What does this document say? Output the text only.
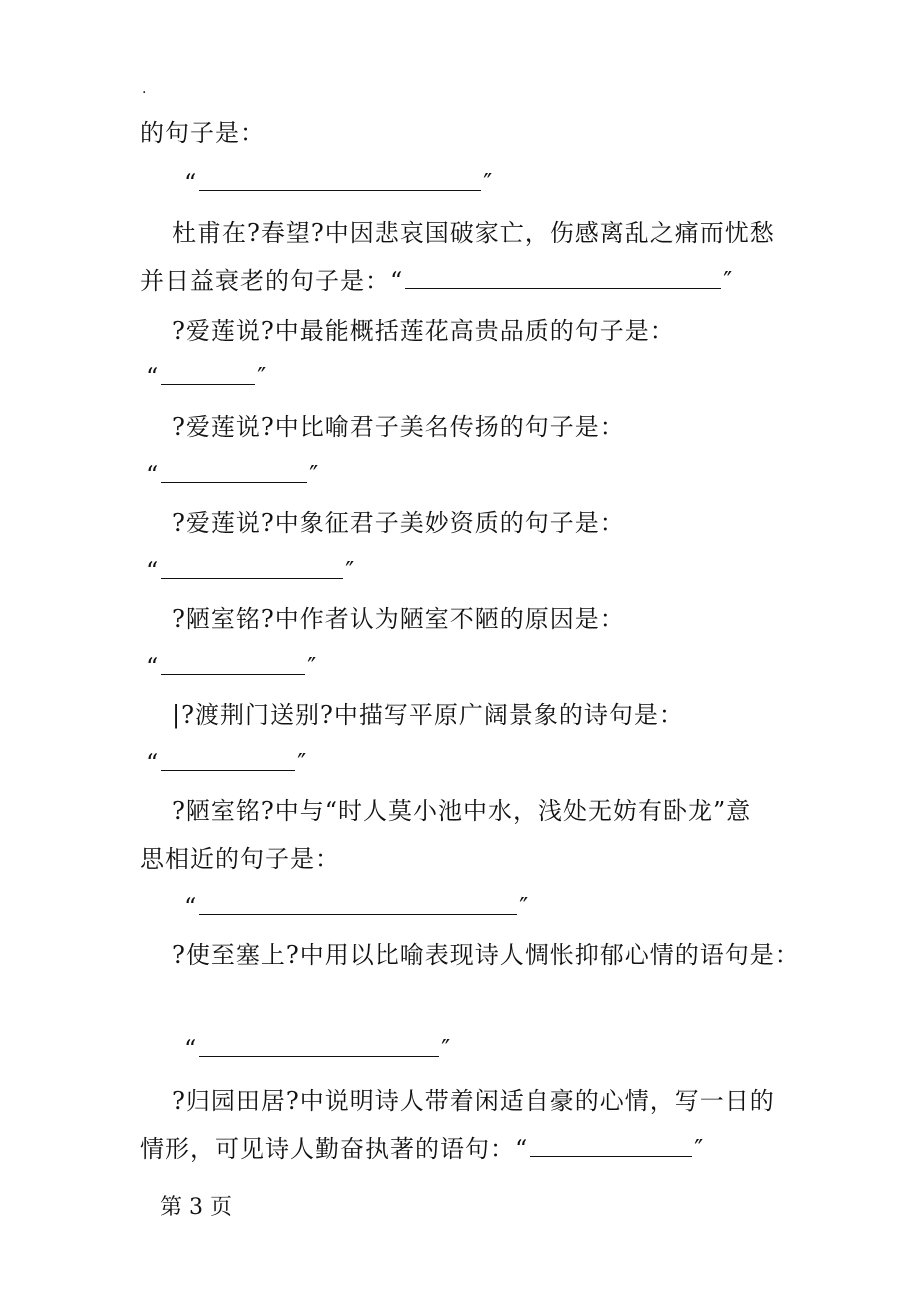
.
的句子是：
“	″
杜甫在?春望?中因悲哀国破家亡，伤感离乱之痛而忧愁
并日益衰老的句子是：“	″
?爱莲说?中最能概括莲花高贵品质的句子是：
“	″
?爱莲说?中比喻君子美名传扬的句子是：
“	″
?爱莲说?中象征君子美妙资质的句子是：
“	″
?陋室铭?中作者认为陋室不陋的原因是：
“	″
|?渡荆门送别?中描写平原广阔景象的诗句是：
“	″
?陋室铭?中与“时人莫小池中水，浅处无妨有卧龙”意
思相近的句子是：
“	″
?使至塞上?中用以比喻表现诗人惆怅抑郁心情的语句是：
“	″
?归园田居?中说明诗人带着闲适自豪的心情，写一日的
情形，可见诗人勤奋执著的语句：“	″
第 3 页
